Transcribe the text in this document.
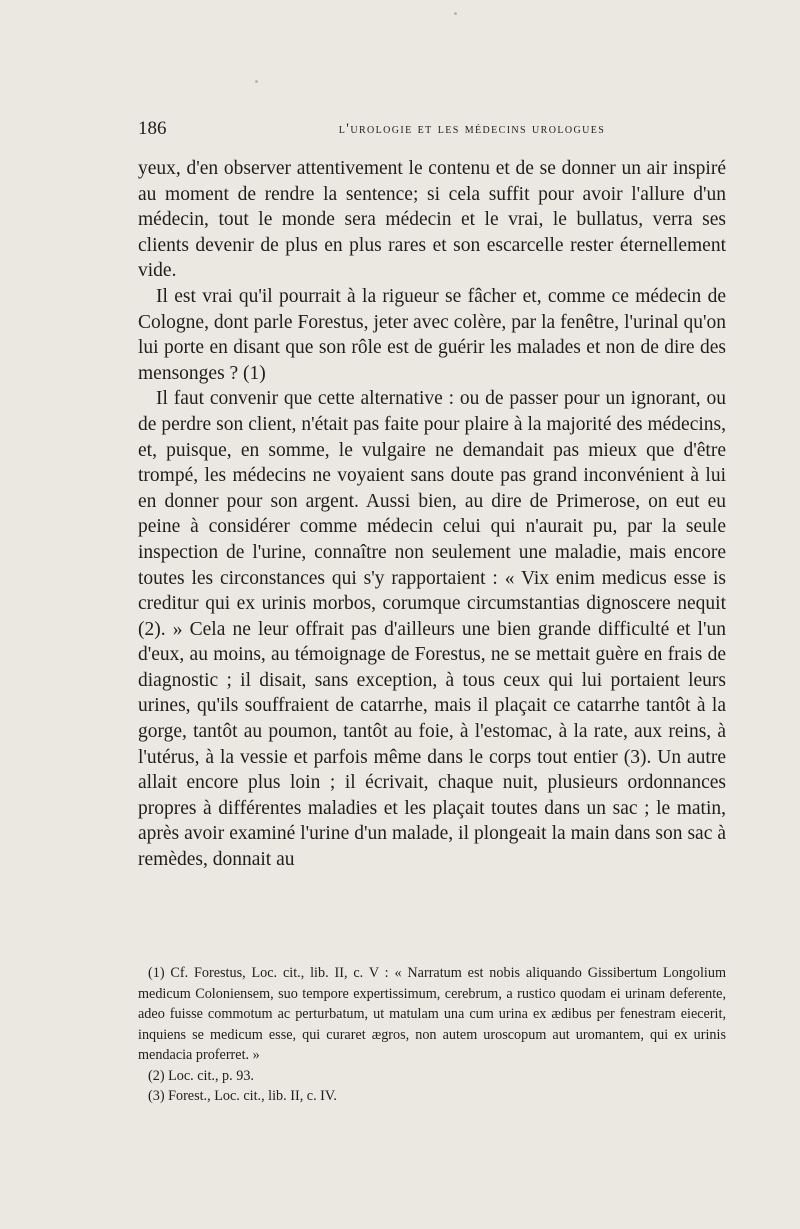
186	l'urologie et les médecins urologues

yeux, d'en observer attentivement le contenu et de se donner un air inspiré au moment de rendre la sentence; si cela suffit pour avoir l'allure d'un médecin, tout le monde sera médecin et le vrai, le bullatus, verra ses clients devenir de plus en plus rares et son escarcelle rester éternellement vide.

Il est vrai qu'il pourrait à la rigueur se fâcher et, comme ce médecin de Cologne, dont parle Forestus, jeter avec colère, par la fenêtre, l'urinal qu'on lui porte en disant que son rôle est de guérir les malades et non de dire des mensonges ? (1)

Il faut convenir que cette alternative : ou de passer pour un ignorant, ou de perdre son client, n'était pas faite pour plaire à la majorité des médecins, et, puisque, en somme, le vulgaire ne demandait pas mieux que d'être trompé, les médecins ne voyaient sans doute pas grand inconvénient à lui en donner pour son argent. Aussi bien, au dire de Primerose, on eut eu peine à considérer comme médecin celui qui n'aurait pu, par la seule inspection de l'urine, connaître non seulement une maladie, mais encore toutes les circonstances qui s'y rapportaient : « Vix enim medicus esse is creditur qui ex urinis morbos, corumque circumstantias dignoscere nequit (2). » Cela ne leur offrait pas d'ailleurs une bien grande difficulté et l'un d'eux, au moins, au témoignage de Forestus, ne se mettait guère en frais de diagnostic ; il disait, sans exception, à tous ceux qui lui portaient leurs urines, qu'ils souffraient de catarrhe, mais il plaçait ce catarrhe tantôt à la gorge, tantôt au poumon, tantôt au foie, à l'estomac, à la rate, aux reins, à l'utérus, à la vessie et parfois même dans le corps tout entier (3). Un autre allait encore plus loin ; il écrivait, chaque nuit, plusieurs ordonnances propres à différentes maladies et les plaçait toutes dans un sac ; le matin, après avoir examiné l'urine d'un malade, il plongeait la main dans son sac à remèdes, donnait au

(1) Cf. Forestus, Loc. cit., lib. II, c. V : « Narratum est nobis aliquando Gissibertum Longolium medicum Coloniensem, suo tempore expertissimum, cerebrum, a rustico quodam ei urinam deferente, adeo fuisse commotum ac perturbatum, ut matulam una cum urina ex ædibus per fenestram eiecerit, inquiens se medicum esse, qui curaret ægros, non autem uroscopum aut uromantem, qui ex urinis mendacia proferret. »

(2) Loc. cit., p. 93.

(3) Forest., Loc. cit., lib. II, c. IV.
